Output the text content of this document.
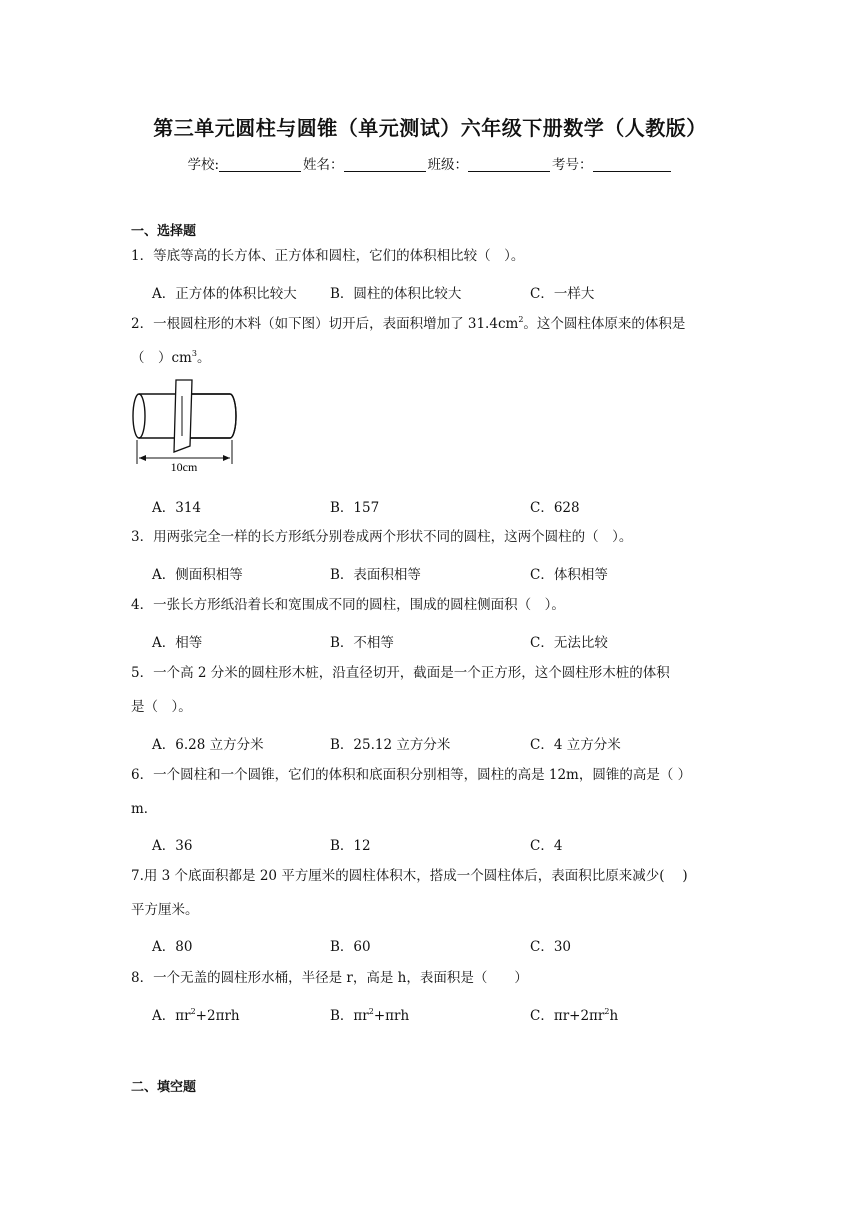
第三单元圆柱与圆锥（单元测试）六年级下册数学（人教版）
学校:	姓名：	班级：	考号：
一、选择题
1．等底等高的长方体、正方体和圆柱，它们的体积相比较（　）。
A．正方体的体积比较大 B．圆柱的体积比较大	C．一样大
2．一根圆柱形的木料（如下图）切开后，表面积增加了 $31.4cm^2$。这个圆柱体原来的体积是
（　）$cm^3$。
10cm
A．314	B．157	C．628
3．用两张完全一样的长方形纸分别卷成两个形状不同的圆柱，这两个圆柱的（　）。
A．侧面积相等	B．表面积相等	C．体积相等
4．一张长方形纸沿着长和宽围成不同的圆柱，围成的圆柱侧面积（　）。
A．相等	B．不相等	C．无法比较
5．一个高 2 分米的圆柱形木桩，沿直径切开，截面是一个正方形，这个圆柱形木桩的体积
是（　）。
A．6.28 立方分米	B．25.12 立方分米	C．4 立方分米
6．一个圆柱和一个圆锥，它们的体积和底面积分别相等，圆柱的高是 12m，圆锥的高是（ ）
m．
A．36	B．12	C．4
7.用 3 个底面积都是 20 平方厘米的圆柱体积木，搭成一个圆柱体后，表面积比原来减少(　 )
平方厘米。
A．80	B．60	C．30
8．一个无盖的圆柱形水桶，半径是 r，高是 h，表面积是（　　）
A．$\pi r^2+2\pi rh$	B．$\pi r^2+\pi rh$	C．$\pi r+2\pi r^2h$
二、填空题
